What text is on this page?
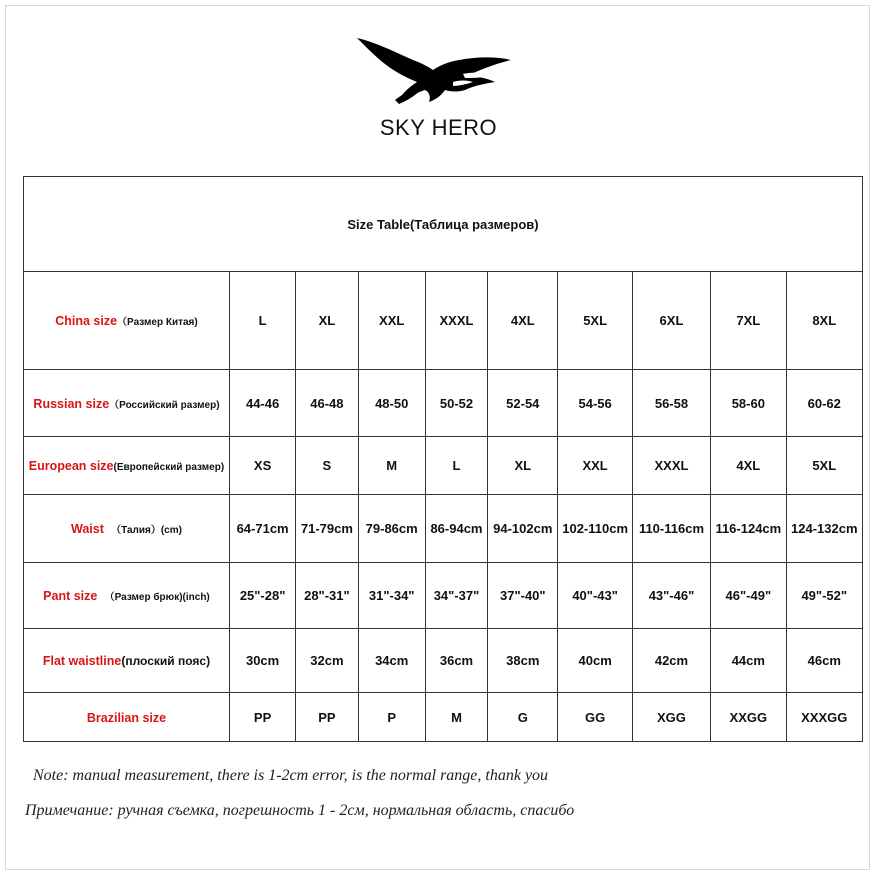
SKY HERO
Size Table(Таблица размеров)									
China size（Размер Китая)	L	XL	XXL	XXXL	4XL	5XL	6XL	7XL	8XL
Russian size（Российский размер)	44-46	46-48	48-50	50-52	52-54	54-56	56-58	58-60	60-62
European size(Европейский размер)	XS	S	M	L	XL	XXL	XXXL	4XL	5XL
Waist （Талия）(cm)	64-71cm	71-79cm	79-86cm	86-94cm	94-102cm	102-110cm	110-116cm	116-124cm	124-132cm
Pant size （Размер брюк)(inch)	25"-28"	28"-31"	31"-34"	34"-37"	37"-40"	40"-43"	43"-46"	46"-49"	49"-52"
Flat waistline(плоский пояс)	30cm	32cm	34cm	36cm	38cm	40cm	42cm	44cm	46cm
Brazilian size	PP	PP	P	M	G	GG	XGG	XXGG	XXXGG
Note: manual measurement, there is 1-2cm error, is the normal range, thank you
Примечание: ручная съемка, погрешность 1 - 2см, нормальная область, спасибо
